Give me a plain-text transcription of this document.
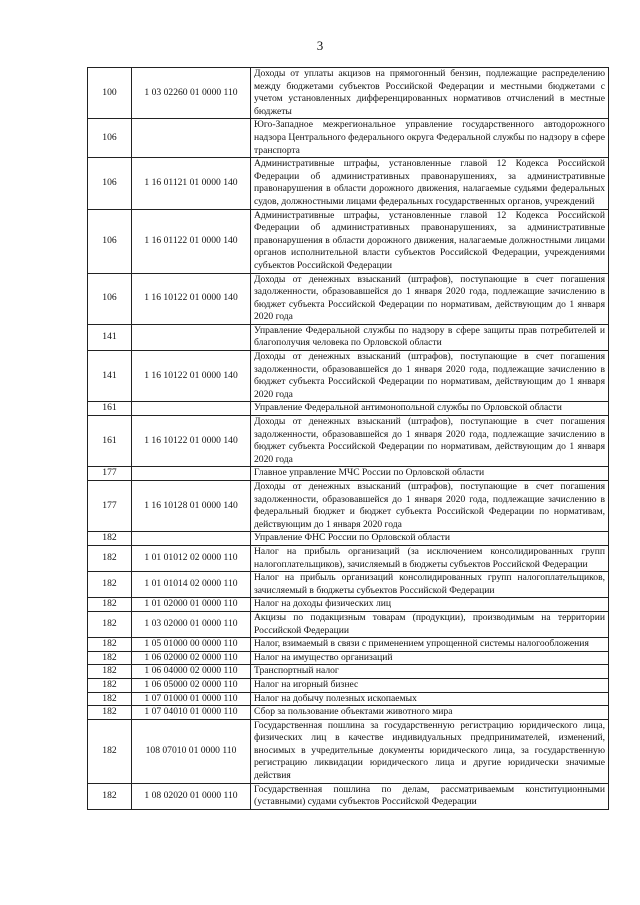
3
100	1 03 02260 01 0000 110	Доходы от уплаты акцизов на прямогонный бензин, подлежащие распределению между бюджетами субъектов Российской Федерации и местными бюджетами с учетом установленных дифференцированных нормативов отчислений в местные бюджеты
106		Юго-Западное межрегиональное управление государственного автодорожного надзора Центрального федерального округа Федеральной службы по надзору в сфере транспорта
106	1 16 01121 01 0000 140	Административные штрафы, установленные главой 12 Кодекса Российской Федерации об административных правонарушениях, за административные правонарушения в области дорожного движения, налагаемые судьями федеральных судов, должностными лицами федеральных государственных органов, учреждений
106	1 16 01122 01 0000 140	Административные штрафы, установленные главой 12 Кодекса Российской Федерации об административных правонарушениях, за административные правонарушения в области дорожного движения, налагаемые должностными лицами органов исполнительной власти субъектов Российской Федерации, учреждениями субъектов Российской Федерации
106	1 16 10122 01 0000 140	Доходы от денежных взысканий (штрафов), поступающие в счет погашения задолженности, образовавшейся до 1 января 2020 года, подлежащие зачислению в бюджет субъекта Российской Федерации по нормативам, действующим до 1 января 2020 года
141		Управление Федеральной службы по надзору в сфере защиты прав потребителей и благополучия человека по Орловской области
141	1 16 10122 01 0000 140	Доходы от денежных взысканий (штрафов), поступающие в счет погашения задолженности, образовавшейся до 1 января 2020 года, подлежащие зачислению в бюджет субъекта Российской Федерации по нормативам, действующим до 1 января 2020 года
161		Управление Федеральной антимонопольной службы по Орловской области
161	1 16 10122 01 0000 140	Доходы от денежных взысканий (штрафов), поступающие в счет погашения задолженности, образовавшейся до 1 января 2020 года, подлежащие зачислению в бюджет субъекта Российской Федерации по нормативам, действующим до 1 января 2020 года
177		Главное управление МЧС России по Орловской области
177	1 16 10128 01 0000 140	Доходы от денежных взысканий (штрафов), поступающие в счет погашения задолженности, образовавшейся до 1 января 2020 года, подлежащие зачислению в федеральный бюджет и бюджет субъекта Российской Федерации по нормативам, действующим до 1 января 2020 года
182		Управление ФНС России по Орловской области
182	1 01 01012 02 0000 110	Налог на прибыль организаций (за исключением консолидированных групп налогоплательщиков), зачисляемый в бюджеты субъектов Российской Федерации
182	1 01 01014 02 0000 110	Налог на прибыль организаций консолидированных групп налогоплательщиков, зачисляемый в бюджеты субъектов Российской Федерации
182	1 01 02000 01 0000 110	Налог на доходы физических лиц
182	1 03 02000 01 0000 110	Акцизы по подакцизным товарам (продукции), производимым на территории Российской Федерации
182	1 05 01000 00 0000 110	Налог, взимаемый в связи с применением упрощенной системы налогообложения
182	1 06 02000 02 0000 110	Налог на имущество организаций
182	1 06 04000 02 0000 110	Транспортный налог
182	1 06 05000 02 0000 110	Налог на игорный бизнес
182	1 07 01000 01 0000 110	Налог на добычу полезных ископаемых
182	1 07 04010 01 0000 110	Сбор за пользование объектами животного мира
182	108 07010 01 0000 110	Государственная пошлина за государственную регистрацию юридического лица, физических лиц в качестве индивидуальных предпринимателей, изменений, вносимых в учредительные документы юридического лица, за государственную регистрацию ликвидации юридического лица и другие юридически значимые действия
182	1 08 02020 01 0000 110	Государственная пошлина по делам, рассматриваемым конституционными (уставными) судами субъектов Российской Федерации
